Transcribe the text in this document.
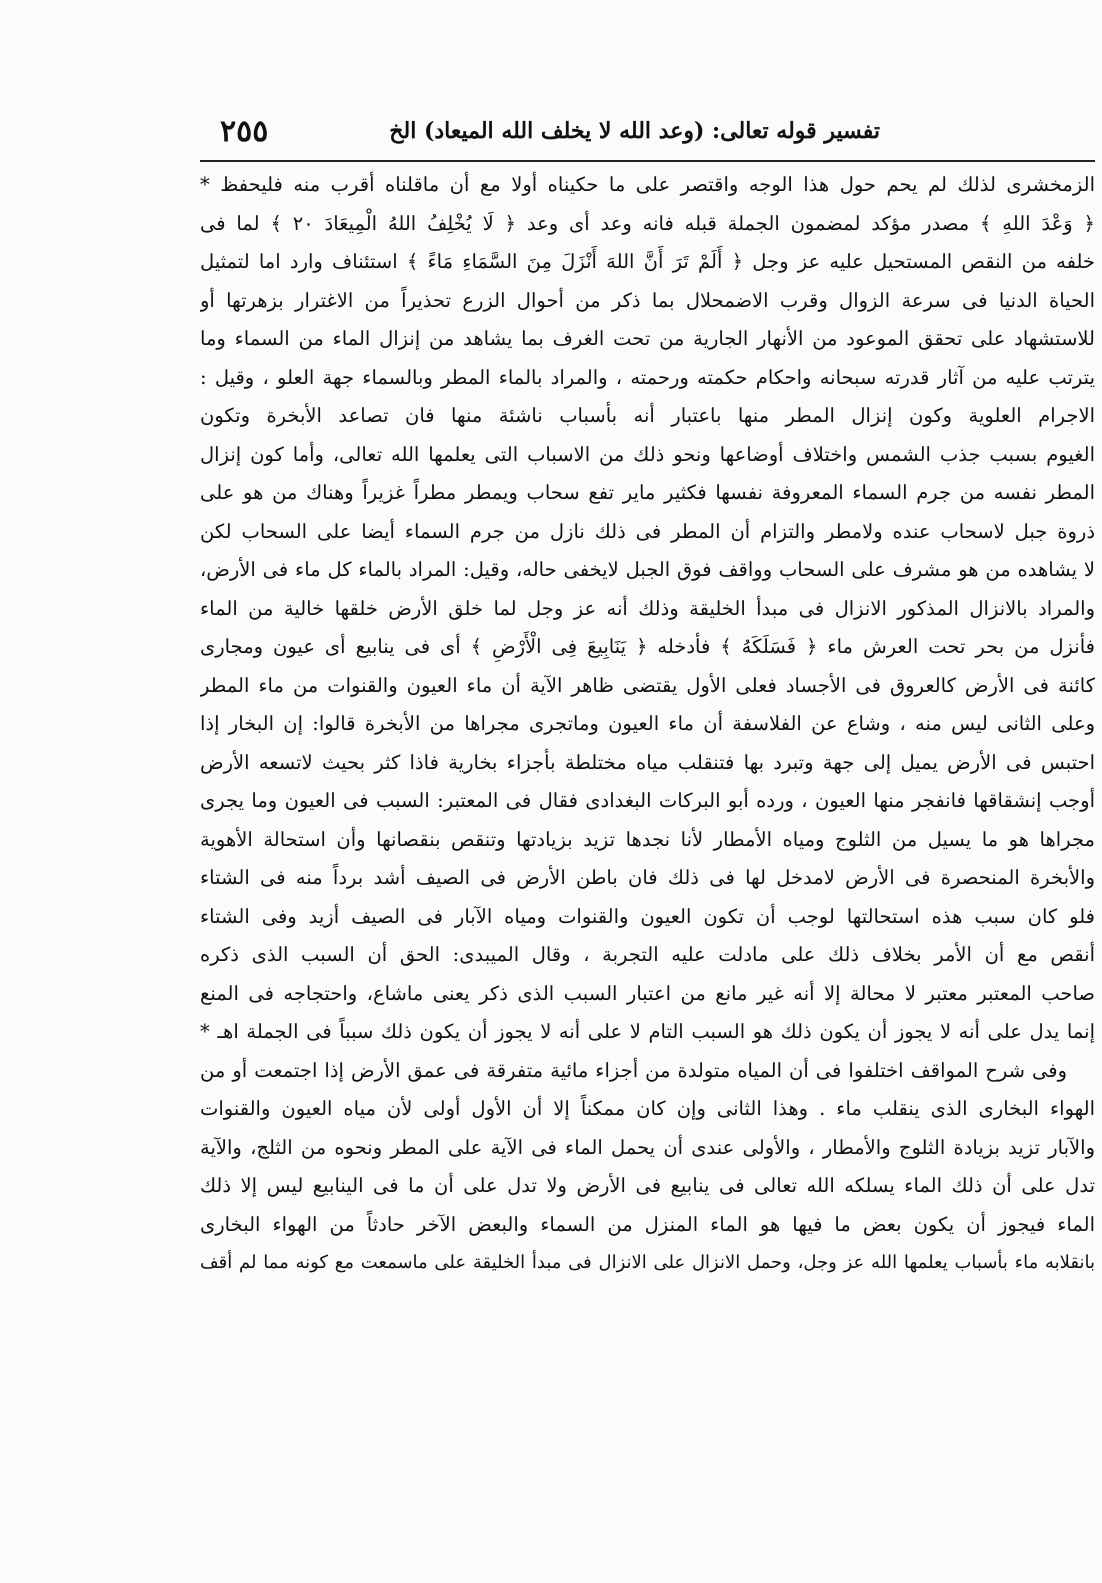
تفسير قوله تعالى: (وعد الله لا يخلف الله الميعاد) الخ
٢٥٥
الزمخشرى لذلك لم يحم حول هذا الوجه واقتصر على ما حكيناه أولا مع أن ماقلناه أقرب منه فليحفظ *
﴿ وَعْدَ اللهِ ﴾ مصدر مؤكد لمضمون الجملة قبله فانه وعد أى وعد ﴿ لَا يُخْلِفُ اللهُ الْمِيعَادَ ٢٠ ﴾ لما فى
خلفه من النقص المستحيل عليه عز وجل ﴿ أَلَمْ تَرَ أَنَّ اللهَ أَنْزَلَ مِنَ السَّمَاءِ مَاءً ﴾ استئناف وارد اما لتمثيل
الحياة الدنيا فى سرعة الزوال وقرب الاضمحلال بما ذكر من أحوال الزرع تحذيراً من الاغترار بزهرتها أو
للاستشهاد على تحقق الموعود من الأنهار الجارية من تحت الغرف بما يشاهد من إنزال الماء من السماء وما
يترتب عليه من آثار قدرته سبحانه واحكام حكمته ورحمته ، والمراد بالماء المطر وبالسماء جهة العلو ، وقيل :
الاجرام العلوية وكون إنزال المطر منها باعتبار أنه بأسباب ناشئة منها فان تصاعد الأبخرة وتكون
الغيوم بسبب جذب الشمس واختلاف أوضاعها ونحو ذلك من الاسباب التى يعلمها الله تعالى، وأما كون إنزال
المطر نفسه من جرم السماء المعروفة نفسها فكثير ماير تفع سحاب ويمطر مطراً غزيراً وهناك من هو على
ذروة جبل لاسحاب عنده ولامطر والتزام أن المطر فى ذلك نازل من جرم السماء أيضا على السحاب لكن
لا يشاهده من هو مشرف على السحاب وواقف فوق الجبل لايخفى حاله، وقيل: المراد بالماء كل ماء فى الأرض،
والمراد بالانزال المذكور الانزال فى مبدأ الخليقة وذلك أنه عز وجل لما خلق الأرض خلقها خالية من الماء
فأنزل من بحر تحت العرش ماء ﴿ فَسَلَكَهُ ﴾ فأدخله ﴿ يَنَابِيعَ فِى الْأَرْضِ ﴾ أى فى ينابيع أى عيون ومجارى
كائنة فى الأرض كالعروق فى الأجساد فعلى الأول يقتضى ظاهر الآية أن ماء العيون والقنوات من ماء المطر
وعلى الثانى ليس منه ، وشاع عن الفلاسفة أن ماء العيون وماتجرى مجراها من الأبخرة قالوا: إن البخار إذا
احتبس فى الأرض يميل إلى جهة وتبرد بها فتنقلب مياه مختلطة بأجزاء بخارية فاذا كثر بحيث لاتسعه الأرض
أوجب إنشقاقها فانفجر منها العيون ، ورده أبو البركات البغدادى فقال فى المعتبر: السبب فى العيون وما يجرى
مجراها هو ما يسيل من الثلوج ومياه الأمطار لأنا نجدها تزيد بزيادتها وتنقص بنقصانها وأن استحالة الأهوية
والأبخرة المنحصرة فى الأرض لامدخل لها فى ذلك فان باطن الأرض فى الصيف أشد برداً منه فى الشتاء
فلو كان سبب هذه استحالتها لوجب أن تكون العيون والقنوات ومياه الآبار فى الصيف أزيد وفى الشتاء
أنقص مع أن الأمر بخلاف ذلك على مادلت عليه التجربة ، وقال الميبدى: الحق أن السبب الذى ذكره
صاحب المعتبر معتبر لا محالة إلا أنه غير مانع من اعتبار السبب الذى ذكر يعنى ماشاع، واحتجاجه فى المنع
إنما يدل على أنه لا يجوز أن يكون ذلك هو السبب التام لا على أنه لا يجوز أن يكون ذلك سبباً فى الجملة اهـ *
وفى شرح المواقف اختلفوا فى أن المياه متولدة من أجزاء مائية متفرقة فى عمق الأرض إذا اجتمعت أو من
الهواء البخارى الذى ينقلب ماء . وهذا الثانى وإن كان ممكناً إلا أن الأول أولى لأن مياه العيون والقنوات
والآبار تزيد بزيادة الثلوج والأمطار ، والأولى عندى أن يحمل الماء فى الآية على المطر ونحوه من الثلج، والآية
تدل على أن ذلك الماء يسلكه الله تعالى فى ينابيع فى الأرض ولا تدل على أن ما فى الينابيع ليس إلا ذلك
الماء فيجوز أن يكون بعض ما فيها هو الماء المنزل من السماء والبعض الآخر حادثاً من الهواء البخارى
بانقلابه ماء بأسباب يعلمها الله عز وجل، وحمل الانزال على الانزال فى مبدأ الخليقة على ماسمعت مع كونه مما لم أقف
